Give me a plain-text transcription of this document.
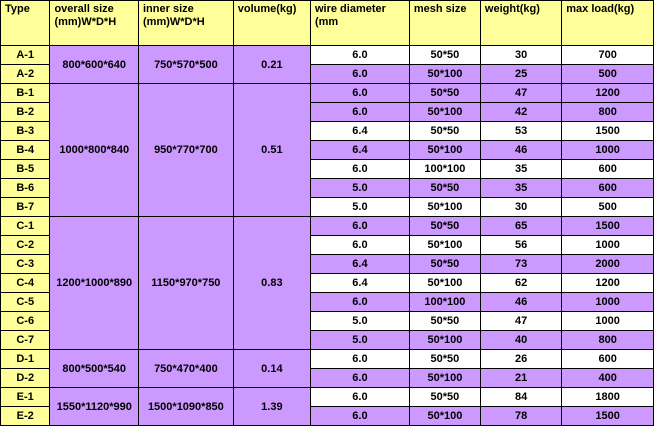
Type	overall size (mm)W*D*H	inner size (mm)W*D*H	volume(kg)	wire diameter (mm	mesh size	weight(kg)	max load(kg)
A-1	800*600*640	750*570*500	0.21	6.0	50*50	30	700
A-2				6.0	50*100	25	500
B-1	1000*800*840	950*770*700	0.51	6.0	50*50	47	1200
B-2				6.0	50*100	42	800
B-3				6.4	50*50	53	1500
B-4				6.4	50*100	46	1000
B-5				6.0	100*100	35	600
B-6				5.0	50*50	35	600
B-7				5.0	50*100	30	500
C-1	1200*1000*890	1150*970*750	0.83	6.0	50*50	65	1500
C-2				6.0	50*100	56	1000
C-3				6.4	50*50	73	2000
C-4				6.4	50*100	62	1200
C-5				6.0	100*100	46	1000
C-6				5.0	50*50	47	1000
C-7				5.0	50*100	40	800
D-1	800*500*540	750*470*400	0.14	6.0	50*50	26	600
D-2				6.0	50*100	21	400
E-1	1550*1120*990	1500*1090*850	1.39	6.0	50*50	84	1800
E-2				6.0	50*100	78	1500
